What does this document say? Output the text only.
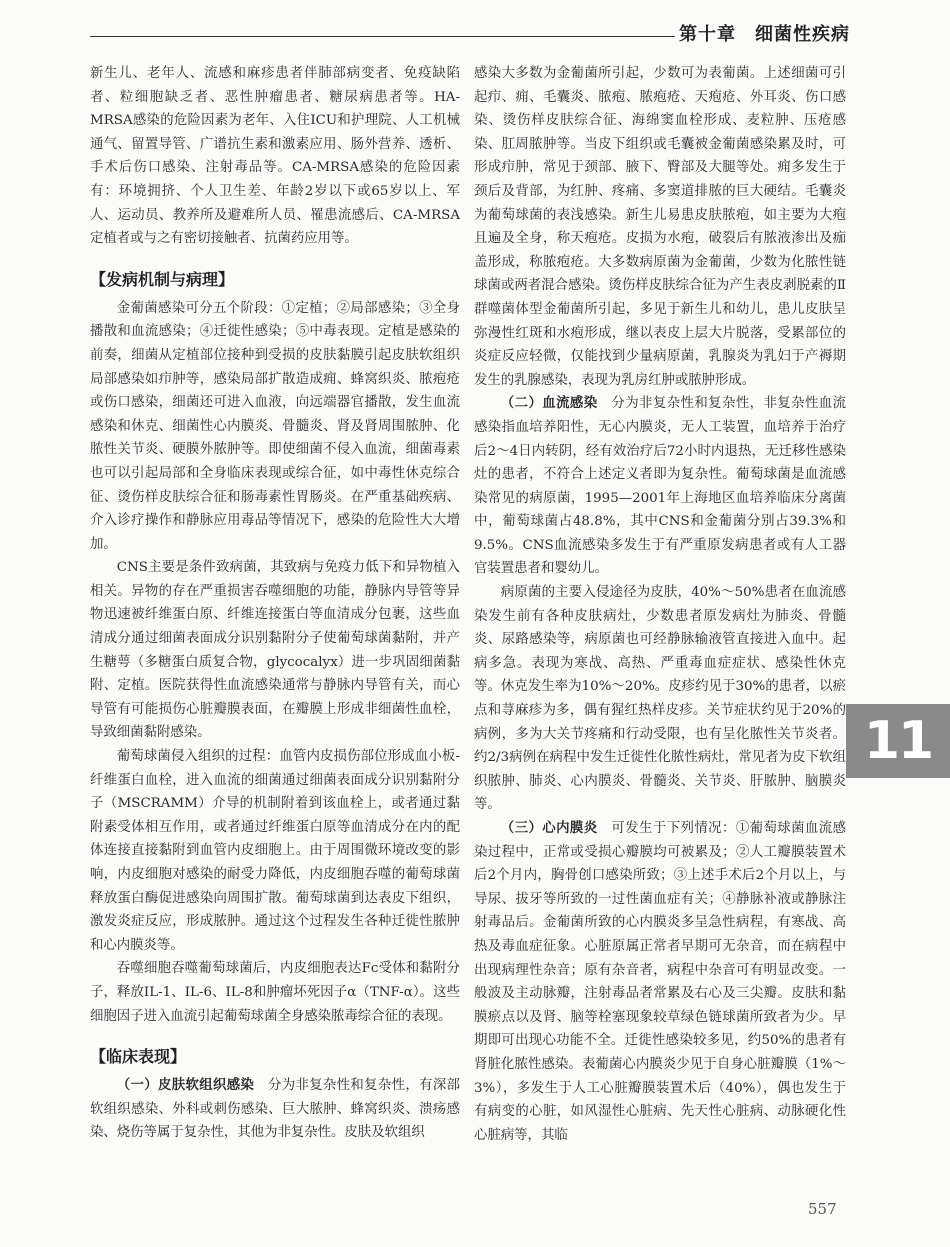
第十章　细菌性疾病

新生儿、老年人、流感和麻疹患者伴肺部病变者、免疫缺陷者、粒细胞缺乏者、恶性肿瘤患者、糖尿病患者等。HA-MRSA感染的危险因素为老年、入住ICU和护理院、人工机械通气、留置导管、广谱抗生素和激素应用、肠外营养、透析、手术后伤口感染、注射毒品等。CA-MRSA感染的危险因素有：环境拥挤、个人卫生差、年龄2岁以下或65岁以上、军人、运动员、教养所及避难所人员、罹患流感后、CA-MRSA定植者或与之有密切接触者、抗菌药应用等。

【发病机制与病理】

金葡菌感染可分五个阶段：①定植；②局部感染；③全身播散和血流感染；④迁徙性感染；⑤中毒表现。定植是感染的前奏，细菌从定植部位接种到受损的皮肤黏膜引起皮肤软组织局部感染如疖肿等，感染局部扩散造成痈、蜂窝织炎、脓疱疮或伤口感染，细菌还可进入血液，向远端器官播散，发生血流感染和休克、细菌性心内膜炎、骨髓炎、肾及肾周围脓肿、化脓性关节炎、硬膜外脓肿等。即使细菌不侵入血流，细菌毒素也可以引起局部和全身临床表现或综合征，如中毒性休克综合征、烫伤样皮肤综合征和肠毒素性胃肠炎。在严重基础疾病、介入诊疗操作和静脉应用毒品等情况下，感染的危险性大大增加。

CNS主要是条件致病菌，其致病与免疫力低下和异物植入相关。异物的存在严重损害吞噬细胞的功能，静脉内导管等异物迅速被纤维蛋白原、纤维连接蛋白等血清成分包裹，这些血清成分通过细菌表面成分识别黏附分子使葡萄球菌黏附，并产生糖萼（多糖蛋白质复合物，glycocalyx）进一步巩固细菌黏附、定植。医院获得性血流感染通常与静脉内导管有关，而心导管有可能损伤心脏瓣膜表面，在瓣膜上形成非细菌性血栓，导致细菌黏附感染。

葡萄球菌侵入组织的过程：血管内皮损伤部位形成血小板-纤维蛋白血栓，进入血流的细菌通过细菌表面成分识别黏附分子（MSCRAMM）介导的机制附着到该血栓上，或者通过黏附素受体相互作用，或者通过纤维蛋白原等血清成分在内的配体连接直接黏附到血管内皮细胞上。由于周围微环境改变的影响，内皮细胞对感染的耐受力降低，内皮细胞吞噬的葡萄球菌释放蛋白酶促进感染向周围扩散。葡萄球菌到达表皮下组织，激发炎症反应，形成脓肿。通过这个过程发生各种迁徙性脓肿和心内膜炎等。

吞噬细胞吞噬葡萄球菌后，内皮细胞表达Fc受体和黏附分子，释放IL-1、IL-6、IL-8和肿瘤坏死因子α（TNF-α）。这些细胞因子进入血流引起葡萄球菌全身感染脓毒综合征的表现。

【临床表现】

（一）皮肤软组织感染　 分为非复杂性和复杂性，有深部软组织感染、外科或刺伤感染、巨大脓肿、蜂窝织炎、溃疡感染、烧伤等属于复杂性，其他为非复杂性。皮肤及软组织

感染大多数为金葡菌所引起，少数可为表葡菌。上述细菌可引起疖、痈、毛囊炎、脓疱、脓疱疮、天疱疮、外耳炎、伤口感染、烫伤样皮肤综合征、海绵窦血栓形成、麦粒肿、压疮感染、肛周脓肿等。当皮下组织或毛囊被金葡菌感染累及时，可形成疖肿，常见于颈部、腋下、臀部及大腿等处。痈多发生于颈后及背部，为红肿、疼痛、多窦道排脓的巨大硬结。毛囊炎为葡萄球菌的表浅感染。新生儿易患皮肤脓疱，如主要为大疱且遍及全身，称天疱疮。皮损为水疱，破裂后有脓液渗出及痂盖形成，称脓疱疮。大多数病原菌为金葡菌，少数为化脓性链球菌或两者混合感染。烫伤样皮肤综合征为产生表皮剥脱素的Ⅱ群噬菌体型金葡菌所引起，多见于新生儿和幼儿，患儿皮肤呈弥漫性红斑和水疱形成，继以表皮上层大片脱落，受累部位的炎症反应轻微，仅能找到少量病原菌，乳腺炎为乳妇于产褥期发生的乳腺感染，表现为乳房红肿或脓肿形成。

（二）血流感染　 分为非复杂性和复杂性，非复杂性血流感染指血培养阳性，无心内膜炎，无人工装置，血培养于治疗后2～4日内转阴，经有效治疗后72小时内退热，无迁移性感染灶的患者，不符合上述定义者即为复杂性。葡萄球菌是血流感染常见的病原菌，1995—2001年上海地区血培养临床分离菌中，葡萄球菌占48.8%，其中CNS和金葡菌分别占39.3%和9.5%。CNS血流感染多发生于有严重原发病患者或有人工器官装置患者和婴幼儿。

病原菌的主要入侵途径为皮肤，40%～50%患者在血流感染发生前有各种皮肤病灶，少数患者原发病灶为肺炎、骨髓炎、尿路感染等，病原菌也可经静脉输液管直接进入血中。起病多急。表现为寒战、高热、严重毒血症症状、感染性休克等。休克发生率为10%～20%。皮疹约见于30%的患者，以瘀点和荨麻疹为多，偶有猩红热样皮疹。关节症状约见于20%的病例，多为大关节疼痛和行动受限，也有呈化脓性关节炎者。约2/3病例在病程中发生迁徙性化脓性病灶，常见者为皮下软组织脓肿、肺炎、心内膜炎、骨髓炎、关节炎、肝脓肿、脑膜炎等。

（三）心内膜炎　 可发生于下列情况：①葡萄球菌血流感染过程中，正常或受损心瓣膜均可被累及；②人工瓣膜装置术后2个月内，胸骨创口感染所致；③上述手术后2个月以上，与导尿、拔牙等所致的一过性菌血症有关；④静脉补液或静脉注射毒品后。金葡菌所致的心内膜炎多呈急性病程，有寒战、高热及毒血症征象。心脏原属正常者早期可无杂音，而在病程中出现病理性杂音；原有杂音者，病程中杂音可有明显改变。一般波及主动脉瓣，注射毒品者常累及右心及三尖瓣。皮肤和黏膜瘀点以及肾、脑等栓塞现象较草绿色链球菌所致者为少。早期即可出现心功能不全。迁徙性感染较多见，约50%的患者有肾脏化脓性感染。表葡菌心内膜炎少见于自身心脏瓣膜（1%～3%），多发生于人工心脏瓣膜装置术后（40%），偶也发生于有病变的心脏，如风湿性心脏病、先天性心脏病、动脉硬化性心脏病等，其临

11
557
